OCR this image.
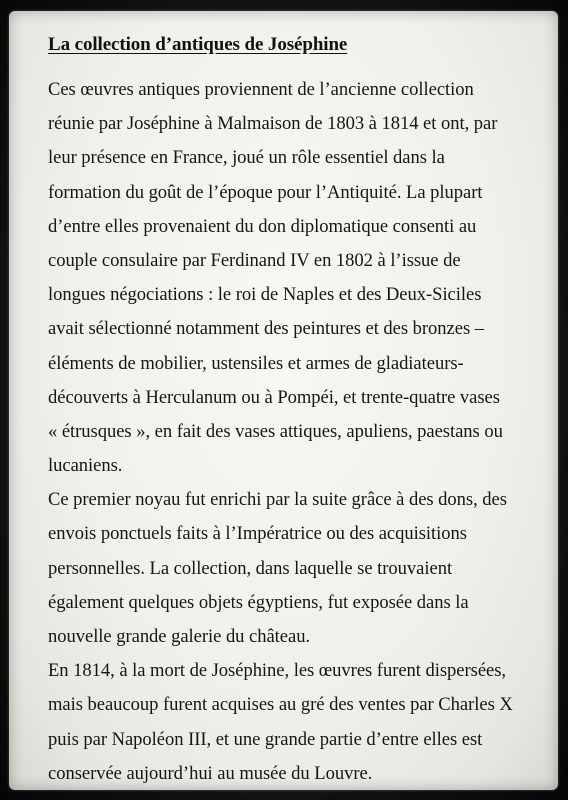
La collection d’antiques de Joséphine
Ces œuvres antiques proviennent de l’ancienne collection
réunie par Joséphine à Malmaison de 1803 à 1814 et ont, par
leur présence en France, joué un rôle essentiel dans la
formation du goût de l’époque pour l’Antiquité. La plupart
d’entre elles provenaient du don diplomatique consenti au
couple consulaire par Ferdinand IV en 1802 à l’issue de
longues négociations : le roi de Naples et des Deux-Siciles
avait sélectionné notamment des peintures et des bronzes –
éléments de mobilier, ustensiles et armes de gladiateurs-
découverts à Herculanum ou à Pompéi, et trente-quatre vases
« étrusques », en fait des vases attiques, apuliens, paestans ou
lucaniens.
Ce premier noyau fut enrichi par la suite grâce à des dons, des
envois ponctuels faits à l’Impératrice ou des acquisitions
personnelles. La collection, dans laquelle se trouvaient
également quelques objets égyptiens, fut exposée dans la
nouvelle grande galerie du château.
En 1814, à la mort de Joséphine, les œuvres furent dispersées,
mais beaucoup furent acquises au gré des ventes par Charles X
puis par Napoléon III, et une grande partie d’entre elles est
conservée aujourd’hui au musée du Louvre.
